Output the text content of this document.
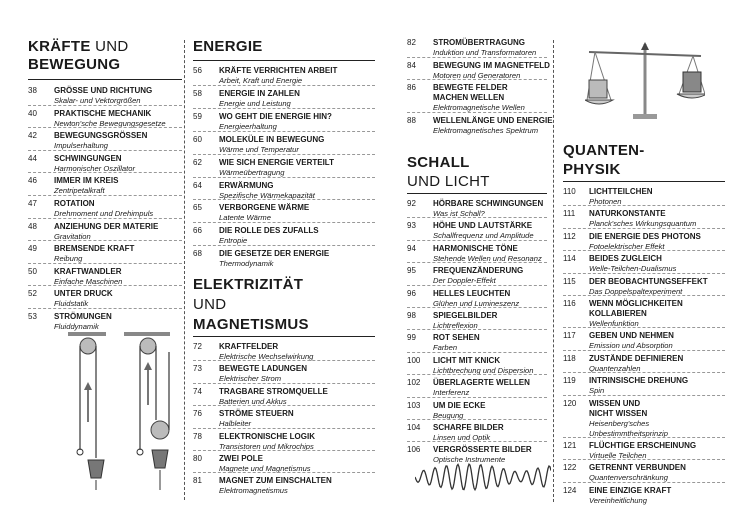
KRÄFTE UND
BEWEGUNG
38	GRÖSSE UND RICHTUNG
Skalar- und Vektorgrößen
40	PRAKTISCHE MECHANIK
Newton'sche Bewegungsgesetze
42	BEWEGUNGSGRÖSSEN
Impulserhaltung
44	SCHWINGUNGEN
Harmonischer Oszillator
46	IMMER IM KREIS
Zentripetalkraft
47	ROTATION
Drehmoment und Drehimpuls
48	ANZIEHUNG DER MATERIE
Gravitation
49	BREMSENDE KRAFT
Reibung
50	KRAFTWANDLER
Einfache Maschinen
52	UNTER DRUCK
Fluidstatik
53	STRÖMUNGEN
Fluiddynamik
ENERGIE
56	KRÄFTE VERRICHTEN ARBEIT
Arbeit, Kraft und Energie
58	ENERGIE IN ZAHLEN
Energie und Leistung
59	WO GEHT DIE ENERGIE HIN?
Energieerhaltung
60	MOLEKÜLE IN BEWEGUNG
Wärme und Temperatur
62	WIE SICH ENERGIE VERTEILT
Wärmeübertragung
64	ERWÄRMUNG
Spezifische Wärmekapazität
65	VERBORGENE WÄRME
Latente Wärme
66	DIE ROLLE DES ZUFALLS
Entropie
68	DIE GESETZE DER ENERGIE
Thermodynamik
ELEKTRIZITÄT
UND
MAGNETISMUS
72	KRAFTFELDER
Elektrische Wechselwirkung
73	BEWEGTE LADUNGEN
Elektrischer Strom
74	TRAGBARE STROMQUELLE
Batterien und Akkus
76	STRÖME STEUERN
Halbleiter
78	ELEKTRONISCHE LOGIK
Transistoren und Mikrochips
80	ZWEI POLE
Magnete und Magnetismus
81	MAGNET ZUM EINSCHALTEN
Elektromagnetismus
82	STROMÜBERTRAGUNG
Induktion und Transformatoren
84	BEWEGUNG IM MAGNETFELD
Motoren und Generatoren
86	BEWEGTE FELDER
MACHEN WELLEN
Elektromagnetische Wellen
88	WELLENLÄNGE UND ENERGIE
Elektromagnetisches Spektrum
SCHALL
UND LICHT
92	HÖRBARE SCHWINGUNGEN
Was ist Schall?
93	HÖHE UND LAUTSTÄRKE
Schallfrequenz und Amplitude
94	HARMONISCHE TÖNE
Stehende Wellen und Resonanz
95	FREQUENZÄNDERUNG
Der Doppler-Effekt
96	HELLES LEUCHTEN
Glühen und Lumineszenz
98	SPIEGELBILDER
Lichtreflexion
99	ROT SEHEN
Farben
100	LICHT MIT KNICK
Lichtbrechung und Dispersion
102	ÜBERLAGERTE WELLEN
Interferenz
103	UM DIE ECKE
Beugung
104	SCHARFE BILDER
Linsen und Optik
106	VERGRÖSSERTE BILDER
Optische Instrumente
QUANTEN-
PHYSIK
110	LICHTTEILCHEN
Photonen
111	NATURKONSTANTE
Planck'sches Wirkungsquantum
112	DIE ENERGIE DES PHOTONS
Fotoelektrischer Effekt
114	BEIDES ZUGLEICH
Welle-Teilchen-Dualismus
115	DER BEOBACHTUNGSEFFEKT
Das Doppelspaltexperiment
116	WENN MÖGLICHKEITEN
KOLLABIEREN
Wellenfunktion
117	GEBEN UND NEHMEN
Emission und Absorption
118	ZUSTÄNDE DEFINIEREN
Quantenzahlen
119	INTRINSISCHE DREHUNG
Spin
120	WISSEN UND
NICHT WISSEN
Heisenberg'sches
Unbestimmtheitsprinzip
121	FLÜCHTIGE ERSCHEINUNG
Virtuelle Teilchen
122	GETRENNT VERBUNDEN
Quantenverschränkung
124	EINE EINZIGE KRAFT
Vereinheitlichung
